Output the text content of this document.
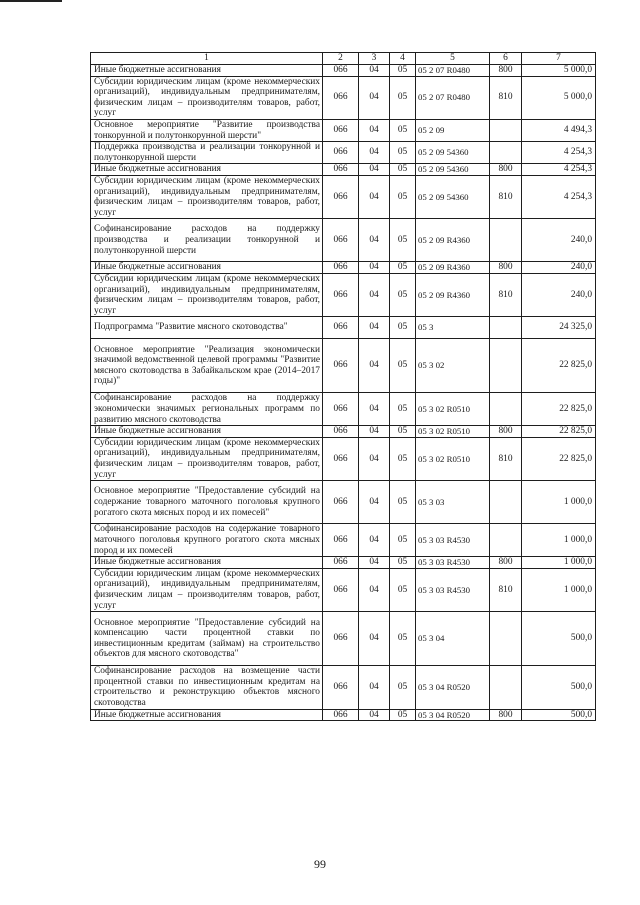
1	2	3	4	5	6	7
Иные бюджетные ассигнования	066	04	05	05 2 07 R0480	800	5 000,0
Субсидии юридическим лицам (кроме некоммерческих организаций), индивидуальным предпринимателям, физическим лицам – производителям товаров, работ, услуг	066	04	05	05 2 07 R0480	810	5 000,0
Основное мероприятие "Развитие производства тонкорунной и полутонкорунной шерсти"	066	04	05	05 2 09		4 494,3
Поддержка производства и реализации тонкорунной и полутонкорунной шерсти	066	04	05	05 2 09 54360		4 254,3
Иные бюджетные ассигнования	066	04	05	05 2 09 54360	800	4 254,3
Субсидии юридическим лицам (кроме некоммерческих организаций), индивидуальным предпринимателям, физическим лицам – производителям товаров, работ, услуг	066	04	05	05 2 09 54360	810	4 254,3
Софинансирование расходов на поддержку производства и реализации тонкорунной и полутонкорунной шерсти	066	04	05	05 2 09 R4360		240,0
Иные бюджетные ассигнования	066	04	05	05 2 09 R4360	800	240,0
Субсидии юридическим лицам (кроме некоммерческих организаций), индивидуальным предпринимателям, физическим лицам – производителям товаров, работ, услуг	066	04	05	05 2 09 R4360	810	240,0
Подпрограмма "Развитие мясного скотоводства"	066	04	05	05 3		24 325,0
Основное мероприятие "Реализация экономически значимой ведомственной целевой программы "Развитие мясного скотоводства в Забайкальском крае (2014–2017 годы)"	066	04	05	05 3 02		22 825,0
Софинансирование расходов на поддержку экономически значимых региональных программ по развитию мясного скотоводства	066	04	05	05 3 02 R0510		22 825,0
Иные бюджетные ассигнования	066	04	05	05 3 02 R0510	800	22 825,0
Субсидии юридическим лицам (кроме некоммерческих организаций), индивидуальным предпринимателям, физическим лицам – производителям товаров, работ, услуг	066	04	05	05 3 02 R0510	810	22 825,0
Основное мероприятие "Предоставление субсидий на содержание товарного маточного поголовья крупного рогатого скота мясных пород и их помесей"	066	04	05	05 3 03		1 000,0
Софинансирование расходов на содержание товарного маточного поголовья крупного рогатого скота мясных пород и их помесей	066	04	05	05 3 03 R4530		1 000,0
Иные бюджетные ассигнования	066	04	05	05 3 03 R4530	800	1 000,0
Субсидии юридическим лицам (кроме некоммерческих организаций), индивидуальным предпринимателям, физическим лицам – производителям товаров, работ, услуг	066	04	05	05 3 03 R4530	810	1 000,0
Основное мероприятие "Предоставление субсидий на компенсацию части процентной ставки по инвестиционным кредитам (займам) на строительство объектов для мясного скотоводства"	066	04	05	05 3 04		500,0
Софинансирование расходов на возмещение части процентной ставки по инвестиционным кредитам на строительство и реконструкцию объектов мясного скотоводства	066	04	05	05 3 04 R0520		500,0
Иные бюджетные ассигнования	066	04	05	05 3 04 R0520	800	500,0
99
